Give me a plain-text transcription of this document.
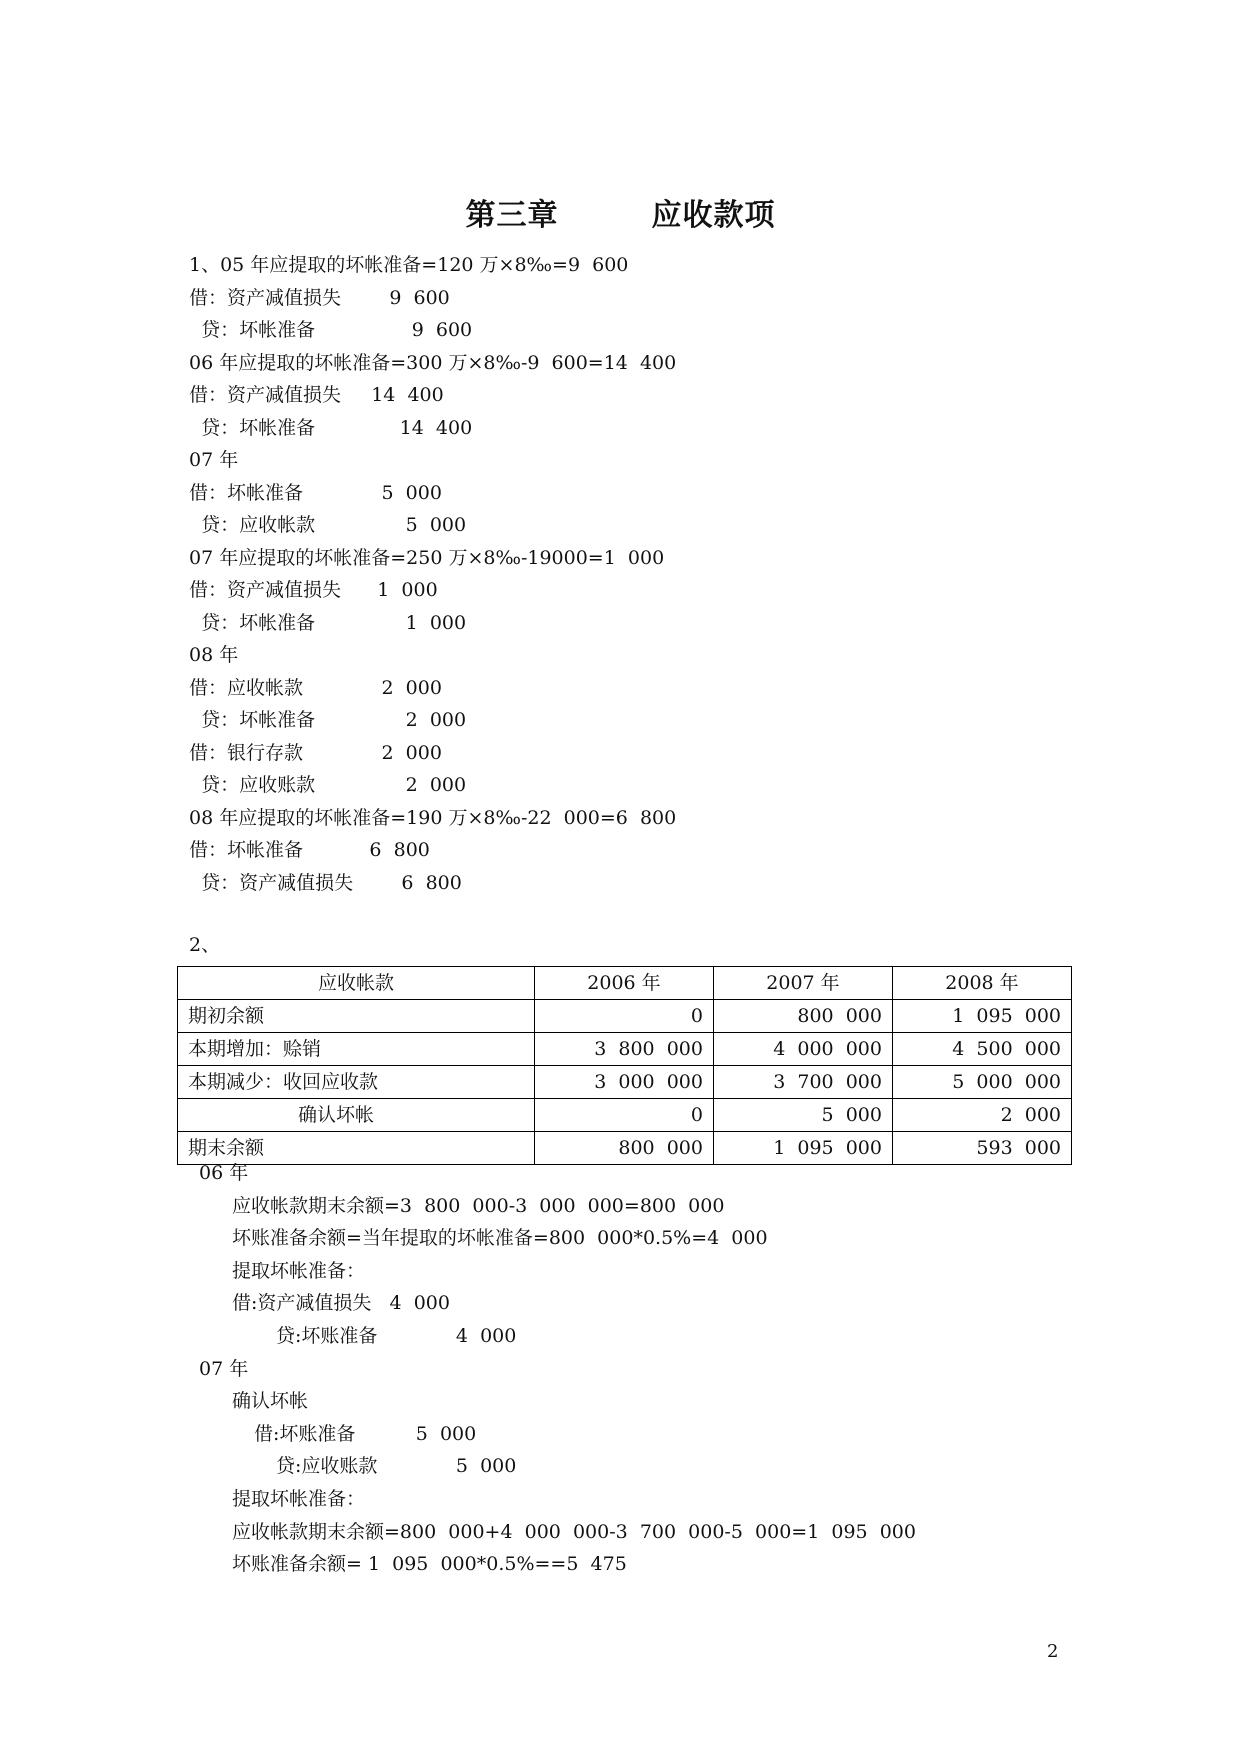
第三章　　　应收款项
1、05 年应提取的坏帐准备=120 万×8‰=9  600
借：资产减值损失        9  600
贷：坏帐准备                9  600
06 年应提取的坏帐准备=300 万×8‰-9  600=14  400
借：资产减值损失     14  400
贷：坏帐准备              14  400
07 年
借：坏帐准备             5  000
贷：应收帐款               5  000
07 年应提取的坏帐准备=250 万×8‰-19000=1  000
借：资产减值损失      1  000
贷：坏帐准备               1  000
08 年
借：应收帐款             2  000
贷：坏帐准备               2  000
借：银行存款             2  000
贷：应收账款               2  000
08 年应提取的坏帐准备=190 万×8‰-22  000=6  800
借：坏帐准备           6  800
贷：资产减值损失        6  800
2、
应收帐款	2006 年	2007 年	2008 年
期初余额	0	800  000	1  095  000
本期增加：赊销	3  800  000	4  000  000	4  500  000
本期减少：收回应收款	3  000  000	3  700  000	5  000  000
确认坏帐	0	5  000	2  000
期末余额	800  000	1  095  000	593  000
06 年
应收帐款期末余额=3  800  000-3  000  000=800  000
坏账准备余额=当年提取的坏帐准备=800  000*0.5%=4  000
提取坏帐准备：
借:资产减值损失   4  000
贷:坏账准备             4  000
07 年
确认坏帐
借:坏账准备          5  000
贷:应收账款             5  000
提取坏帐准备：
应收帐款期末余额=800  000+4  000  000-3  700  000-5  000=1  095  000
坏账准备余额= 1  095  000*0.5%==5  475
2
